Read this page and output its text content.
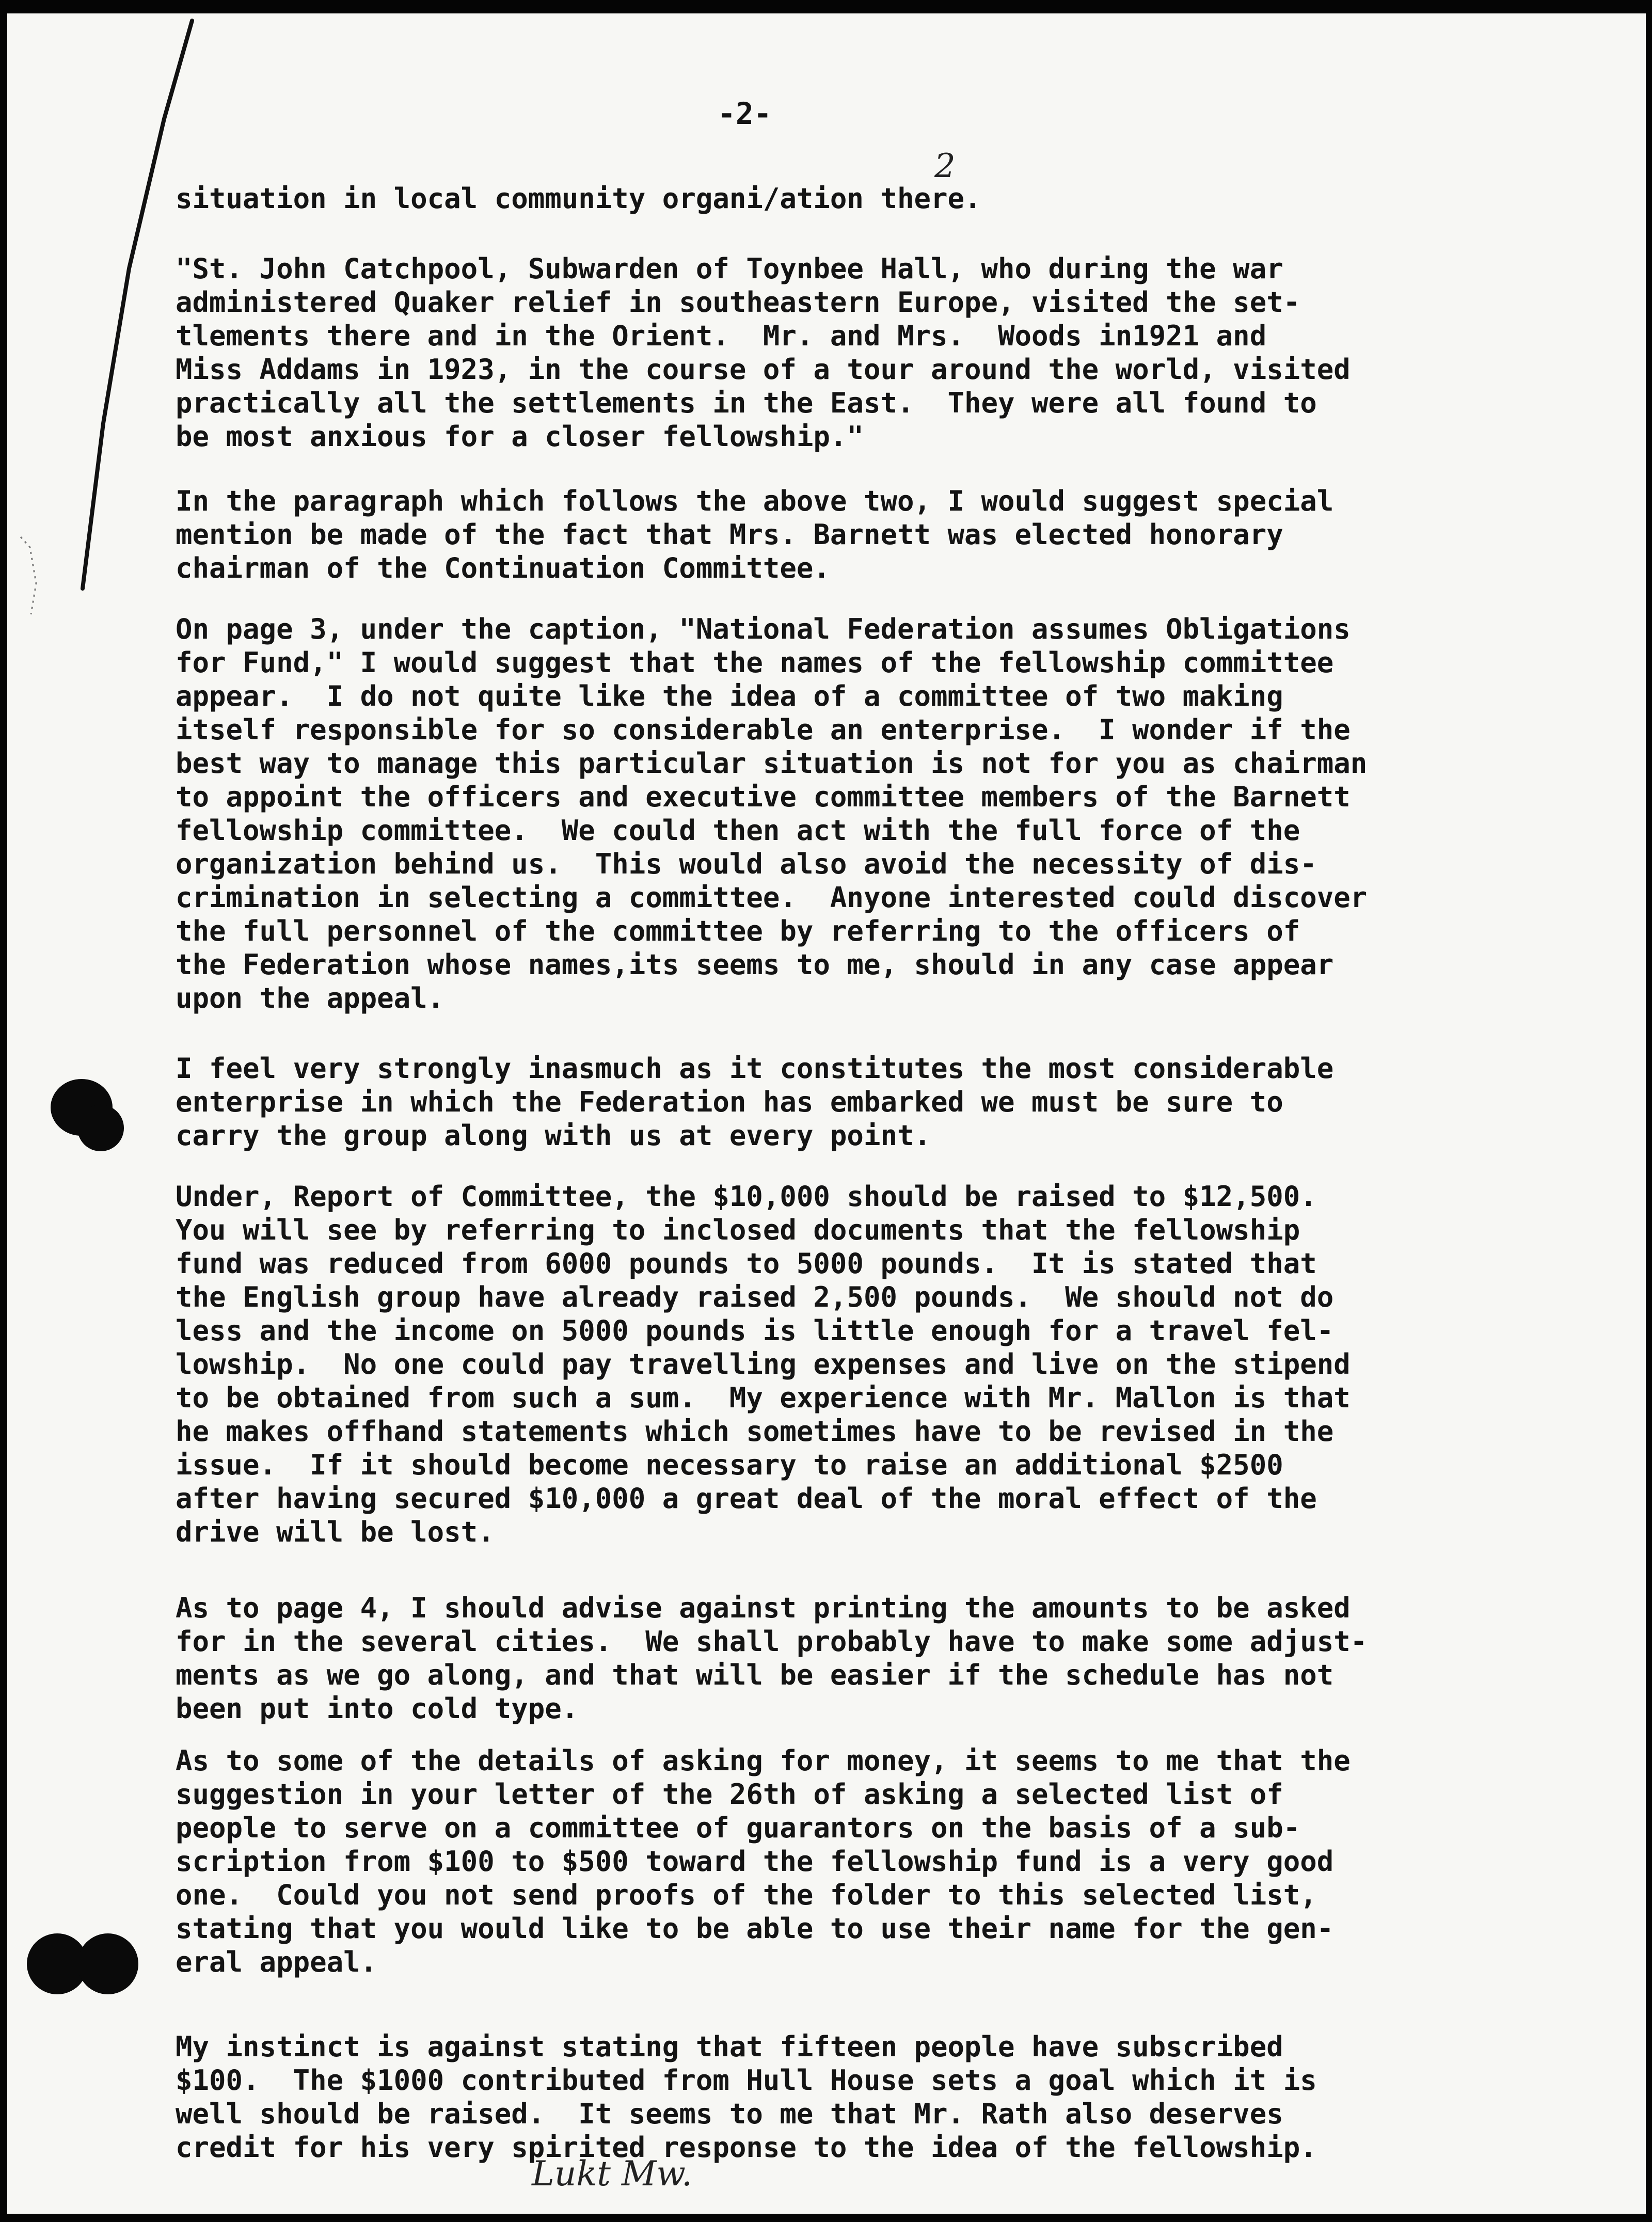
-2-
2

situation in local community organi/ation there.

"St. John Catchpool, Subwarden of Toynbee Hall, who during the war
administered Quaker relief in southeastern Europe, visited the set-
tlements there and in the Orient.  Mr. and Mrs.  Woods in1921 and
Miss Addams in 1923, in the course of a tour around the world, visited
practically all the settlements in the East.  They were all found to
be most anxious for a closer fellowship."

In the paragraph which follows the above two, I would suggest special
mention be made of the fact that Mrs. Barnett was elected honorary
chairman of the Continuation Committee.

On page 3, under the caption, "National Federation assumes Obligations
for Fund," I would suggest that the names of the fellowship committee
appear.  I do not quite like the idea of a committee of two making
itself responsible for so considerable an enterprise.  I wonder if the
best way to manage this particular situation is not for you as chairman
to appoint the officers and executive committee members of the Barnett
fellowship committee.  We could then act with the full force of the
organization behind us.  This would also avoid the necessity of dis-
crimination in selecting a committee.  Anyone interested could discover
the full personnel of the committee by referring to the officers of
the Federation whose names,its seems to me, should in any case appear
upon the appeal.

I feel very strongly inasmuch as it constitutes the most considerable
enterprise in which the Federation has embarked we must be sure to
carry the group along with us at every point.

Under, Report of Committee, the $10,000 should be raised to $12,500.
You will see by referring to inclosed documents that the fellowship
fund was reduced from 6000 pounds to 5000 pounds.  It is stated that
the English group have already raised 2,500 pounds.  We should not do
less and the income on 5000 pounds is little enough for a travel fel-
lowship.  No one could pay travelling expenses and live on the stipend
to be obtained from such a sum.  My experience with Mr. Mallon is that
he makes offhand statements which sometimes have to be revised in the
issue.  If it should become necessary to raise an additional $2500
after having secured $10,000 a great deal of the moral effect of the
drive will be lost.

As to page 4, I should advise against printing the amounts to be asked
for in the several cities.  We shall probably have to make some adjust-
ments as we go along, and that will be easier if the schedule has not
been put into cold type.

As to some of the details of asking for money, it seems to me that the
suggestion in your letter of the 26th of asking a selected list of
people to serve on a committee of guarantors on the basis of a sub-
scription from $100 to $500 toward the fellowship fund is a very good
one.  Could you not send proofs of the folder to this selected list,
stating that you would like to be able to use their name for the gen-
eral appeal.

My instinct is against stating that fifteen people have subscribed
$100.  The $1000 contributed from Hull House sets a goal which it is
well should be raised.  It seems to me that Mr. Rath also deserves
credit for his very spirited response to the idea of the fellowship.

Lukt Mw.
